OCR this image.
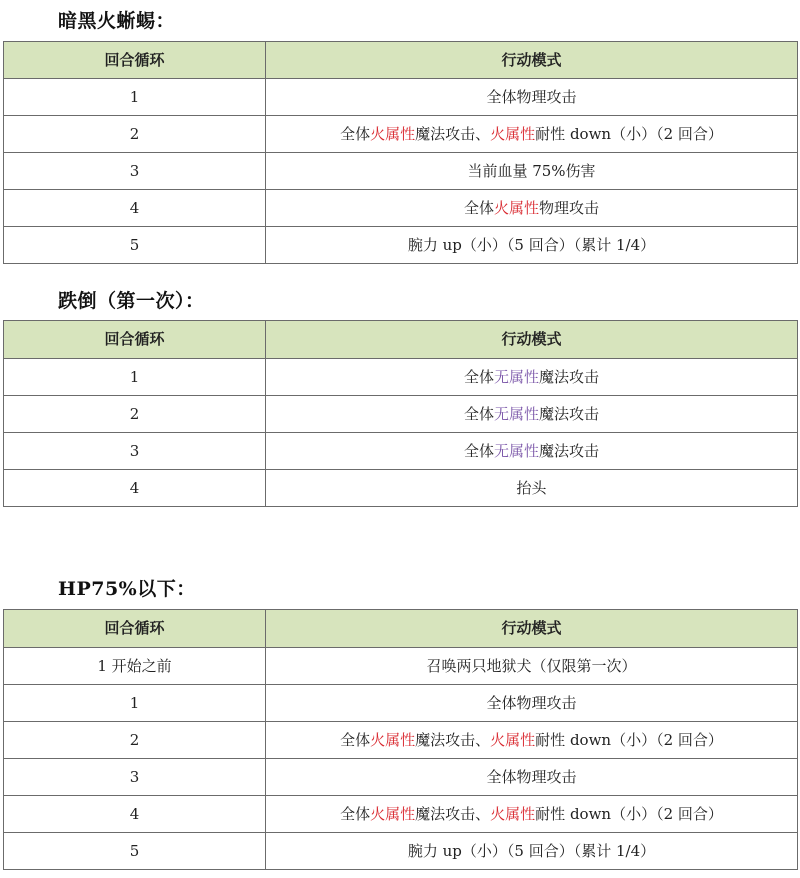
暗黑火蜥蜴：
回合循环	行动模式
1	全体物理攻击
2	全体火属性魔法攻击、火属性耐性 down（小）（2 回合）
3	当前血量 75%伤害
4	全体火属性物理攻击
5	腕力 up（小）（5 回合）（累计 1/4）
跌倒（第一次）：
回合循环	行动模式
1	全体无属性魔法攻击
2	全体无属性魔法攻击
3	全体无属性魔法攻击
4	抬头
HP75%以下：
回合循环	行动模式
1 开始之前	召唤两只地狱犬（仅限第一次）
1	全体物理攻击
2	全体火属性魔法攻击、火属性耐性 down（小）（2 回合）
3	全体物理攻击
4	全体火属性魔法攻击、火属性耐性 down（小）（2 回合）
5	腕力 up（小）（5 回合）（累计 1/4）
